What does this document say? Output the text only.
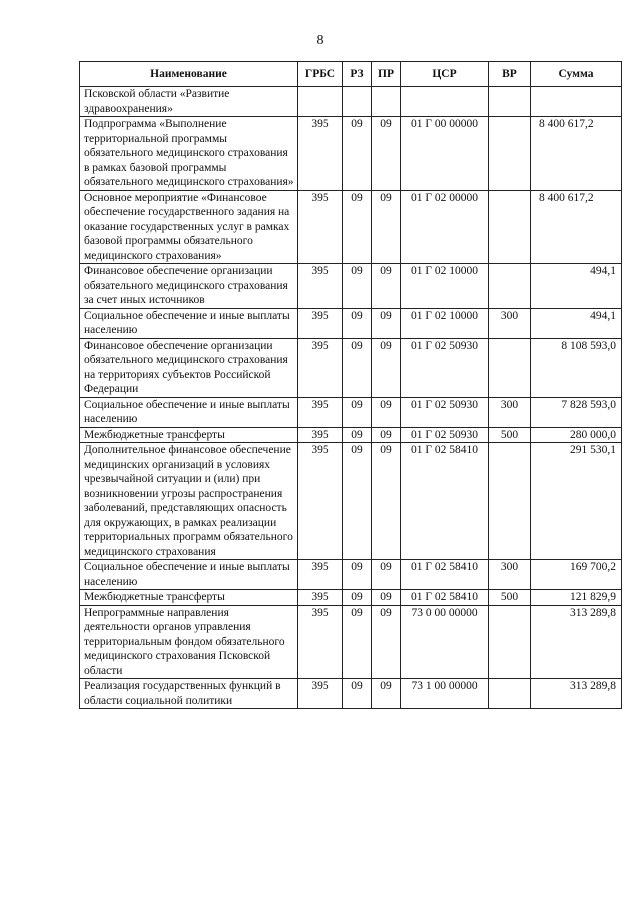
8
Наименование	ГРБС	РЗ	ПР	ЦСР	ВР	Сумма
Псковской области «Развитие здравоохранения»						
Подпрограмма «Выполнение территориальной программы обязательного медицинского страхования в рамках базовой программы обязательного медицинского страхования»	395	09	09	01 Г 00 00000		8 400 617,2
Основное мероприятие «Финансовое обеспечение государственного задания на оказание государственных услуг в рамках базовой программы обязательного медицинского страхования»	395	09	09	01 Г 02 00000		8 400 617,2
Финансовое обеспечение организации обязательного медицинского страхования за счет иных источников	395	09	09	01 Г 02 10000		494,1
Социальное обеспечение и иные выплаты населению	395	09	09	01 Г 02 10000	300	494,1
Финансовое обеспечение организации обязательного медицинского страхования на территориях субъектов Российской Федерации	395	09	09	01 Г 02 50930		8 108 593,0
Социальное обеспечение и иные выплаты населению	395	09	09	01 Г 02 50930	300	7 828 593,0
Межбюджетные трансферты	395	09	09	01 Г 02 50930	500	280 000,0
Дополнительное финансовое обеспечение медицинских организаций в условиях чрезвычайной ситуации и (или) при возникновении угрозы распространения заболеваний, представляющих опасность для окружающих, в рамках реализации территориальных программ обязательного медицинского страхования	395	09	09	01 Г 02 58410		291 530,1
Социальное обеспечение и иные выплаты населению	395	09	09	01 Г 02 58410	300	169 700,2
Межбюджетные трансферты	395	09	09	01 Г 02 58410	500	121 829,9
Непрограммные направления деятельности органов управления территориальным фондом обязательного медицинского страхования Псковской области	395	09	09	73 0 00 00000		313 289,8
Реализация государственных функций в области социальной политики	395	09	09	73 1 00 00000		313 289,8
